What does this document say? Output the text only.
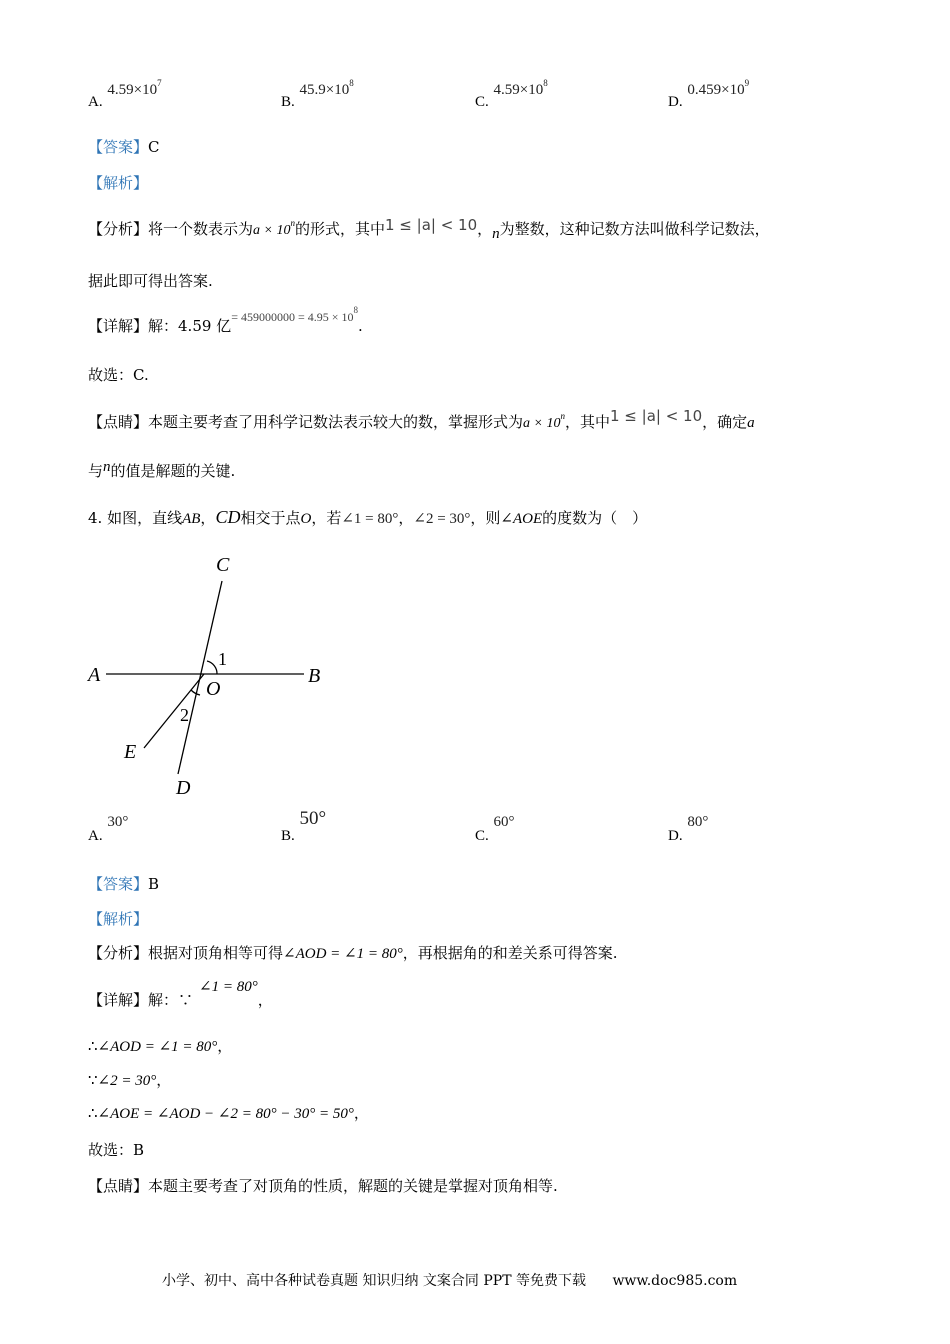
A. $4.59\times 10^7$
B. $45.9\times 10^8$
C. $4.59\times 10^8$
D. $0.459\times 10^9$
【答案】C
【解析】
【分析】将一个数表示为$a \times 10^n$的形式，其中1 ≤ |a| < 10，n为整数，这种记数方法叫做科学记数法，
据此即可得出答案.
【详解】解：4.59 亿$^{= 459000000 = 4.95 \times 10^8}$.
故选：C.
【点睛】本题主要考查了用科学记数法表示较大的数，掌握形式为$a \times 10^n$，其中1 ≤ |a| < 10，确定a
与n的值是解题的关键.
4. 如图，直线AB，CD相交于点O，若∠1 = 80°，∠2 = 30°，则∠AOE的度数为（　）
C
A	B
O
E
D
1
2
A. 30°
B. 50°
C. 60°
D. 80°
【答案】B
【解析】
【分析】根据对顶角相等可得∠AOD = ∠1 = 80°，再根据角的和差关系可得答案.
【详解】解：∵∠1 = 80°，
∴∠AOD = ∠1 = 80°，
∵∠2 = 30°，
∴∠AOE = ∠AOD − ∠2 = 80° − 30° = 50°，
故选：B
【点睛】本题主要考查了对顶角的性质，解题的关键是掌握对顶角相等.
小学、初中、高中各种试卷真题 知识归纳 文案合同 PPT 等免费下载 www.doc985.com
